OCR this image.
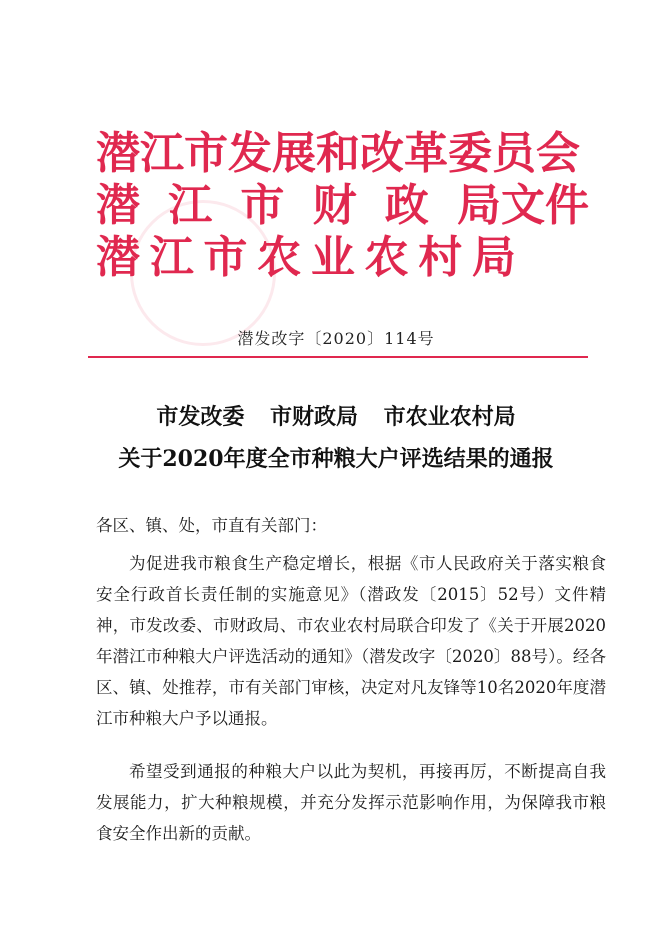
潜 江 市 发 展 和 改 革 委 员 会
潜 江 市 财 政 局 文件
潜 江 市 农 业 农 村 局
潜发改字〔2020〕114号
市发改委 市财政局 市农业农村局
关于2020年度全市种粮大户评选结果的通报
各区、镇、处，市直有关部门：
为促进我市粮食生产稳定增长，根据《市人民政府关于落实粮食安全行政首长责任制的实施意见》（潜政发〔2015〕52号）文件精神，市发改委、市财政局、市农业农村局联合印发了《关于开展2020年潜江市种粮大户评选活动的通知》（潜发改字〔2020〕88号）。经各区、镇、处推荐，市有关部门审核，决定对凡友锋等10名2020年度潜江市种粮大户予以通报。
希望受到通报的种粮大户以此为契机，再接再厉，不断提高自我发展能力，扩大种粮规模，并充分发挥示范影响作用，为保障我市粮食安全作出新的贡献。
